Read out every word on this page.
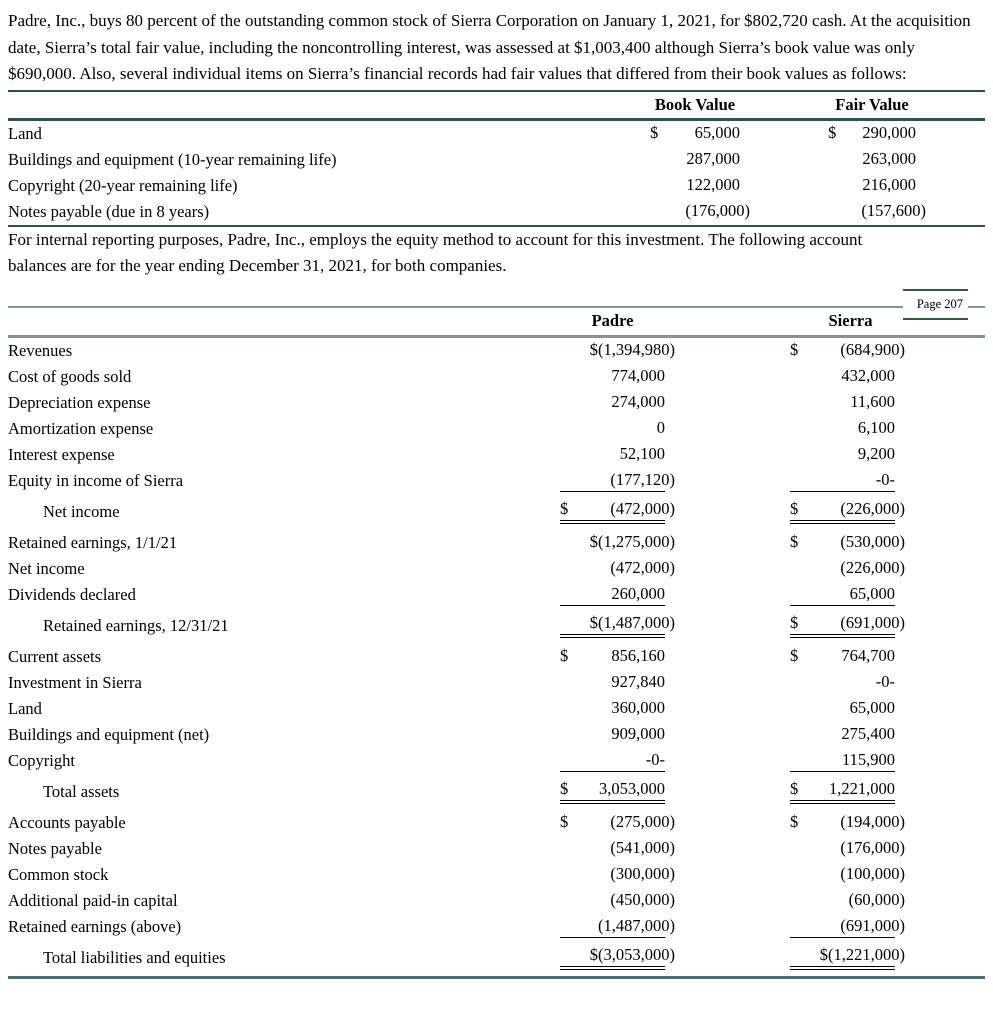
Padre, Inc., buys 80 percent of the outstanding common stock of Sierra Corporation on January 1, 2021, for $802,720 cash. At the acquisition date, Sierra’s total fair value, including the noncontrolling interest, was assessed at $1,003,400 although Sierra’s book value was only $690,000. Also, several individual items on Sierra’s financial records had fair values that differed from their book values as follows:

Book Value	Fair Value
Land	$ 65,000	$ 290,000
Buildings and equipment (10-year remaining life)	287,000	263,000
Copyright (20-year remaining life)	122,000	216,000
Notes payable (due in 8 years)	(176,000)	(157,600)

For internal reporting purposes, Padre, Inc., employs the equity method to account for this investment. The following account balances are for the year ending December 31, 2021, for both companies.

Page 207
Padre	Sierra
Revenues	$(1,394,980)	$	(684,900)
Cost of goods sold	774,000	432,000
Depreciation expense	274,000	11,600
Amortization expense	0	6,100
Interest expense	52,100	9,200
Equity in income of Sierra	(177,120)	-0-
Net income	$	(472,000)	$	(226,000)
Retained earnings, 1/1/21	$(1,275,000)	$	(530,000)
Net income	(472,000)	(226,000)
Dividends declared	260,000	65,000
Retained earnings, 12/31/21	$(1,487,000)	$	(691,000)
Current assets	$	856,160	$	764,700
Investment in Sierra	927,840	-0-
Land	360,000	65,000
Buildings and equipment (net)	909,000	275,400
Copyright	-0-	115,900
Total assets	$ 3,053,000	$ 1,221,000
Accounts payable	$	(275,000)	$	(194,000)
Notes payable	(541,000)	(176,000)
Common stock	(300,000)	(100,000)
Additional paid-in capital	(450,000)	(60,000)
Retained earnings (above)	(1,487,000)	(691,000)
Total liabilities and equities	$(3,053,000)	$(1,221,000)
